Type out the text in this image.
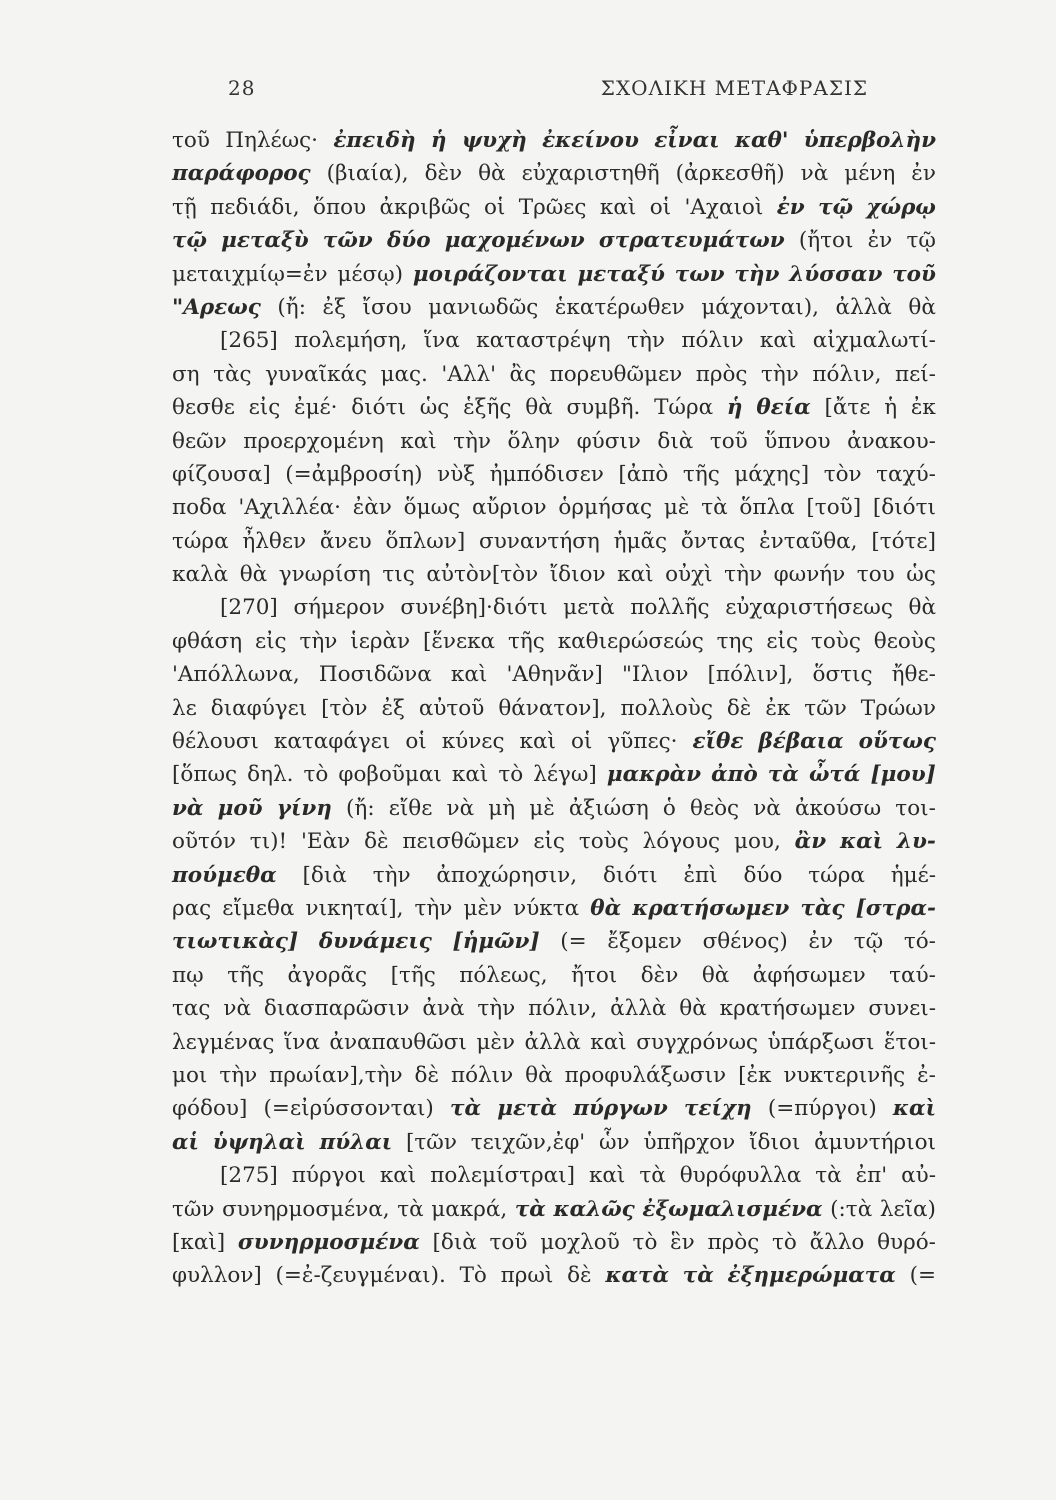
28	ΣΧΟΛΙΚΗ ΜΕΤΑΦΡΑΣΙΣ
τοῦ Πηλέως· ἐπειδὴ ἡ ψυχὴ ἐκείνου εἶναι καθ' ὑπερβολὴν
παράφορος (βιαία), δὲν θὰ εὐχαριστηθῆ (ἀρκεσθῆ) νὰ μένη ἐν
τῇ πεδιάδι, ὅπου ἀκριβῶς οἱ Τρῶες καὶ οἱ 'Αχαιοὶ ἐν τῷ χώρῳ
τῷ μεταξὺ τῶν δύο μαχομένων στρατευμάτων (ἤτοι ἐν τῷ
μεταιχμίῳ=ἐν μέσῳ) μοιράζονται μεταξύ των τὴν λύσσαν τοῦ
"Αρεως (ἤ: ἐξ ἴσου μανιωδῶς ἑκατέρωθεν μάχονται), ἀλλὰ θὰ
[265] πολεμήση, ἵνα καταστρέψη τὴν πόλιν καὶ αἰχμαλωτί-
ση τὰς γυναῖκάς μας. 'Αλλ' ἂς πορευθῶμεν πρὸς τὴν πόλιν, πεί-
θεσθε εἰς ἐμέ· διότι ὡς ἑξῆς θὰ συμβῆ. Τώρα ἡ θεία [ἄτε ἡ ἐκ
θεῶν προερχομένη καὶ τὴν ὅλην φύσιν διὰ τοῦ ὕπνου ἀνακου-
φίζουσα] (=ἀμβροσίη) νὺξ ἠμπόδισεν [ἀπὸ τῆς μάχης] τὸν ταχύ-
ποδα 'Αχιλλέα· ἐὰν ὅμως αὔριον ὁρμήσας μὲ τὰ ὅπλα [τοῦ] [διότι
τώρα ἦλθεν ἄνευ ὅπλων] συναντήση ἡμᾶς ὄντας ἐνταῦθα, [τότε]
καλὰ θὰ γνωρίση τις αὐτὸν[τὸν ἴδιον καὶ οὐχὶ τὴν φωνήν του ὡς
[270] σήμερον συνέβη]·διότι μετὰ πολλῆς εὐχαριστήσεως θὰ
φθάση εἰς τὴν ἱερὰν [ἕνεκα τῆς καθιερώσεώς της εἰς τοὺς θεοὺς
'Απόλλωνα, Ποσιδῶνα καὶ 'Αθηνᾶν] "Ιλιον [πόλιν], ὅστις ἤθε-
λε διαφύγει [τὸν ἐξ αὐτοῦ θάνατον], πολλοὺς δὲ ἐκ τῶν Τρώων
θέλουσι καταφάγει οἱ κύνες καὶ οἱ γῦπες· εἴθε βέβαια οὕτως
[ὅπως δηλ. τὸ φοβοῦμαι καὶ τὸ λέγω] μακρὰν ἀπὸ τὰ ὦτά [μου]
νὰ μοῦ γίνη (ἤ: εἴθε νὰ μὴ μὲ ἀξιώση ὁ θεὸς νὰ ἀκούσω τοι-
οῦτόν τι)! 'Εὰν δὲ πεισθῶμεν εἰς τοὺς λόγους μου, ἂν καὶ λυ-
πούμεθα [διὰ τὴν ἀποχώρησιν, διότι ἐπὶ δύο τώρα ἡμέ-
ρας εἴμεθα νικηταί], τὴν μὲν νύκτα θὰ κρατήσωμεν τὰς [στρα-
τιωτικὰς] δυνάμεις [ἡμῶν] (= ἔξομεν σθένος) ἐν τῷ τό-
πῳ τῆς ἀγορᾶς [τῆς πόλεως, ἤτοι δὲν θὰ ἀφήσωμεν ταύ-
τας νὰ διασπαρῶσιν ἀνὰ τὴν πόλιν, ἀλλὰ θὰ κρατήσωμεν συνει-
λεγμένας ἵνα ἀναπαυθῶσι μὲν ἀλλὰ καὶ συγχρόνως ὑπάρξωσι ἕτοι-
μοι τὴν πρωίαν],τὴν δὲ πόλιν θὰ προφυλάξωσιν [ἐκ νυκτερινῆς ἐ-
φόδου] (=εἰρύσσονται) τὰ μετὰ πύργων τείχη (=πύργοι) καὶ
αἱ ὑψηλαὶ πύλαι [τῶν τειχῶν,ἐφ' ὧν ὑπῆρχον ἴδιοι ἀμυντήριοι
[275] πύργοι καὶ πολεμίστραι] καὶ τὰ θυρόφυλλα τὰ ἐπ' αὐ-
τῶν συνηρμοσμένα, τὰ μακρά, τὰ καλῶς ἐξωμαλισμένα (:τὰ λεῖα)
[καὶ] συνηρμοσμένα [διὰ τοῦ μοχλοῦ τὸ ἓν πρὸς τὸ ἄλλο θυρό-
φυλλον] (=ἐ-ζευγμέναι). Τὸ πρωὶ δὲ κατὰ τὰ ἐξημερώματα (=
